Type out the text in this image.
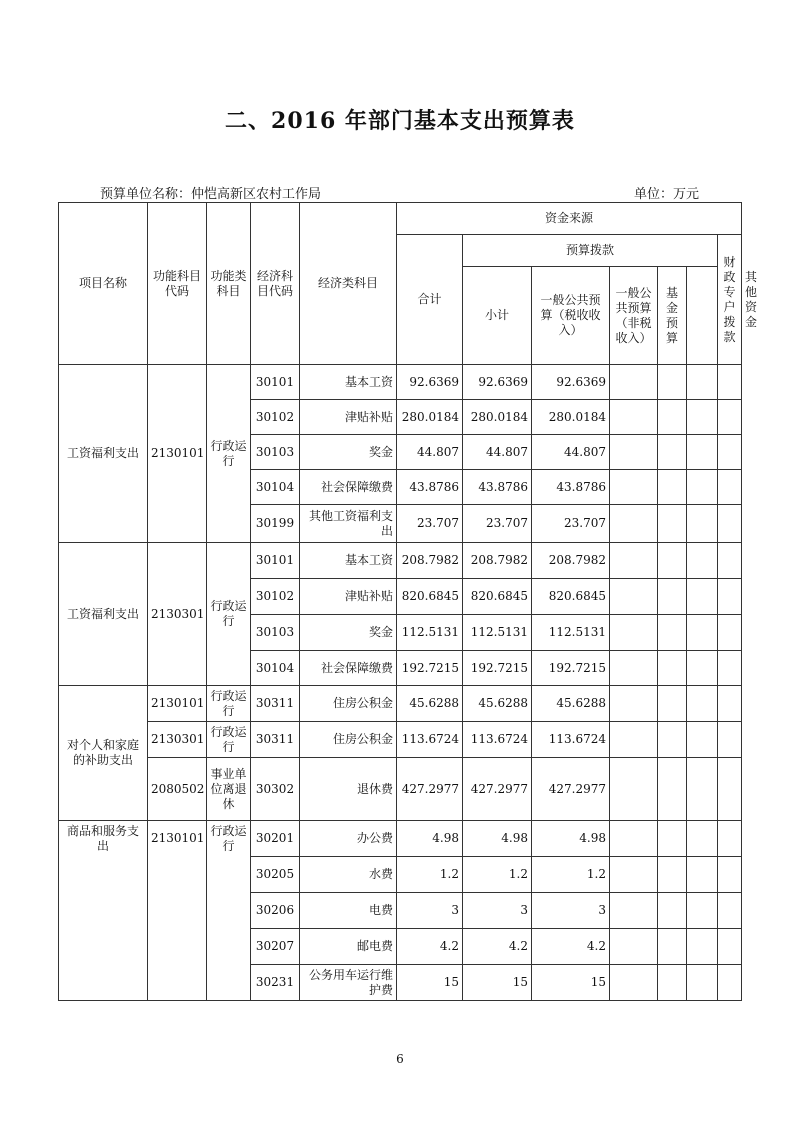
二、2016 年部门基本支出预算表
预算单位名称：仲恺高新区农村工作局	单位：万元
项目名称	功能科目代码	功能类科目	经济科目代码	经济类科目	资金来源							
					合计	预算拨款					财政专户拨款	其他资金
						小计	一般公共预算（税收收入）	一般公共预算（非税收入）	基金预算			
工资福利支出	2130101	行政运行	30101	基本工资	92.6369	92.6369	92.6369					
			30102	津贴补贴	280.0184	280.0184	280.0184					
			30103	奖金	44.807	44.807	44.807					
			30104	社会保障缴费	43.8786	43.8786	43.8786					
			30199	其他工资福利支出	23.707	23.707	23.707					
工资福利支出	2130301	行政运行	30101	基本工资	208.7982	208.7982	208.7982					
			30102	津贴补贴	820.6845	820.6845	820.6845					
			30103	奖金	112.5131	112.5131	112.5131					
			30104	社会保障缴费	192.7215	192.7215	192.7215					
对个人和家庭的补助支出	2130101	行政运行	30311	住房公积金	45.6288	45.6288	45.6288					
	2130301	行政运行	30311	住房公积金	113.6724	113.6724	113.6724					
	2080502	事业单位离退休	30302	退休费	427.2977	427.2977	427.2977					
商品和服务支出	2130101	行政运行	30201	办公费	4.98	4.98	4.98					
			30205	水费	1.2	1.2	1.2					
			30206	电费	3	3	3					
			30207	邮电费	4.2	4.2	4.2					
			30231	公务用车运行维护费	15	15	15					
6
